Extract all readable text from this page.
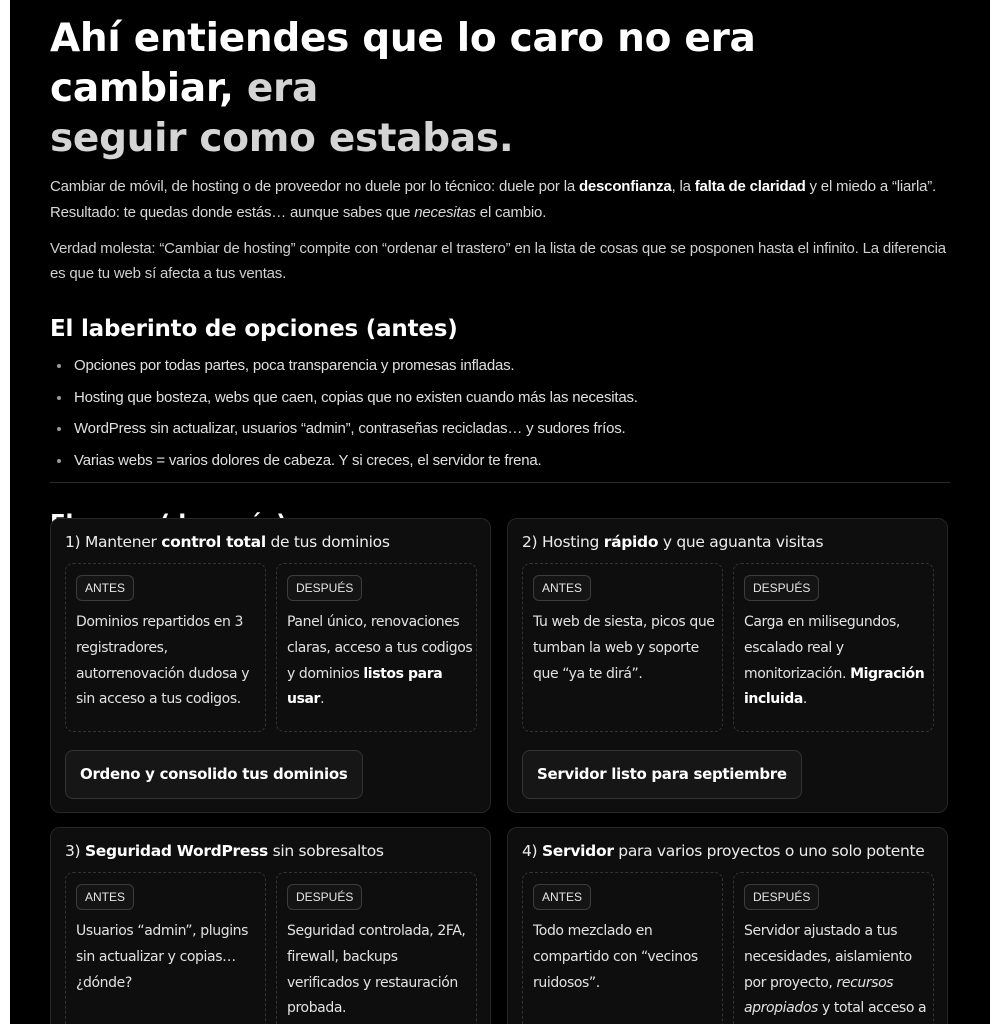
Ahí entiendes que lo caro no era cambiar, era
seguir como estabas.

Cambiar de móvil, de hosting o de proveedor no duele por lo técnico: duele por la desconfianza, la falta de claridad y el miedo a “liarla”. Resultado: te quedas donde estás… aunque sabes que necesitas el cambio.

Verdad molesta: “Cambiar de hosting” compite con “ordenar el trastero” en la lista de cosas que se posponen hasta el infinito. La diferencia es que tu web sí afecta a tus ventas.

El laberinto de opciones (antes)
Opciones por todas partes, poca transparencia y promesas infladas.
Hosting que bosteza, webs que caen, copias que no existen cuando más las necesitas.
WordPress sin actualizar, usuarios “admin”, contraseñas recicladas… y sudores fríos.
Varias webs = varios dolores de cabeza. Y si creces, el servidor te frena.
1) Mantener control total de tus dominios
ANTES
Dominios repartidos en 3 registradores, autorrenovación dudosa y sin acceso a tus codigos.
DESPUÉS
Panel único, renovaciones claras, acceso a tus codigos y dominios listos para usar.
Ordeno y consolido tus dominios
2) Hosting rápido y que aguanta visitas
ANTES
Tu web de siesta, picos que tumban la web y soporte que “ya te dirá”.
DESPUÉS
Carga en milisegundos, escalado real y monitorización. Migración incluida.
Servidor listo para septiembre
3) Seguridad WordPress sin sobresaltos
ANTES
Usuarios “admin”, plugins sin actualizar y copias… ¿dónde?
DESPUÉS
Seguridad controlada, 2FA, firewall, backups verificados y restauración probada.
4) Servidor para varios proyectos o uno solo potente
ANTES
Todo mezclado en compartido con “vecinos ruidosos”.
DESPUÉS
Servidor ajustado a tus necesidades, aislamiento por proyecto, recursos apropiados y total acceso a
